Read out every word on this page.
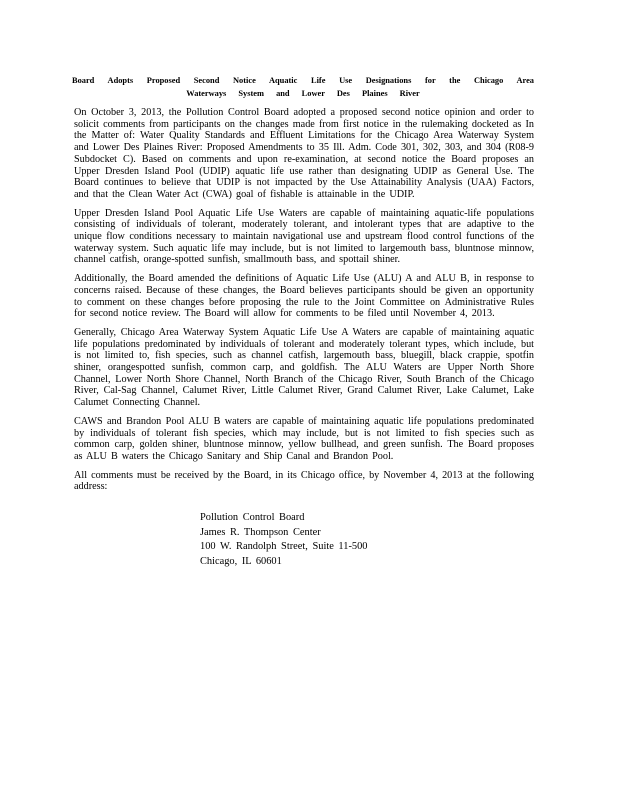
Board Adopts Proposed Second Notice Aquatic Life Use Designations for the Chicago Area Waterways System and Lower Des Plaines River

On October 3, 2013, the Pollution Control Board adopted a proposed second notice opinion and order to solicit comments from participants on the changes made from first notice in the rulemaking docketed as In the Matter of: Water Quality Standards and Effluent Limitations for the Chicago Area Waterway System and Lower Des Plaines River: Proposed Amendments to 35 Ill. Adm. Code 301, 302, 303, and 304 (R08-9 Subdocket C). Based on comments and upon re-examination, at second notice the Board proposes an Upper Dresden Island Pool (UDIP) aquatic life use rather than designating UDIP as General Use. The Board continues to believe that UDIP is not impacted by the Use Attainability Analysis (UAA) Factors, and that the Clean Water Act (CWA) goal of fishable is attainable in the UDIP.

Upper Dresden Island Pool Aquatic Life Use Waters are capable of maintaining aquatic-life populations consisting of individuals of tolerant, moderately tolerant, and intolerant types that are adaptive to the unique flow conditions necessary to maintain navigational use and upstream flood control functions of the waterway system. Such aquatic life may include, but is not limited to largemouth bass, bluntnose minnow, channel catfish, orange-spotted sunfish, smallmouth bass, and spottail shiner.

Additionally, the Board amended the definitions of Aquatic Life Use (ALU) A and ALU B, in response to concerns raised. Because of these changes, the Board believes participants should be given an opportunity to comment on these changes before proposing the rule to the Joint Committee on Administrative Rules for second notice review. The Board will allow for comments to be filed until November 4, 2013.

Generally, Chicago Area Waterway System Aquatic Life Use A Waters are capable of maintaining aquatic life populations predominated by individuals of tolerant and moderately tolerant types, which include, but is not limited to, fish species, such as channel catfish, largemouth bass, bluegill, black crappie, spotfin shiner, orangespotted sunfish, common carp, and goldfish. The ALU Waters are Upper North Shore Channel, Lower North Shore Channel, North Branch of the Chicago River, South Branch of the Chicago River, Cal-Sag Channel, Calumet River, Little Calumet River, Grand Calumet River, Lake Calumet, Lake Calumet Connecting Channel.

CAWS and Brandon Pool ALU B waters are capable of maintaining aquatic life populations predominated by individuals of tolerant fish species, which may include, but is not limited to fish species such as common carp, golden shiner, bluntnose minnow, yellow bullhead, and green sunfish. The Board proposes as ALU B waters the Chicago Sanitary and Ship Canal and Brandon Pool.

All comments must be received by the Board, in its Chicago office, by November 4, 2013 at the following address:

Pollution Control Board
James R. Thompson Center
100 W. Randolph Street, Suite 11-500
Chicago, IL 60601
